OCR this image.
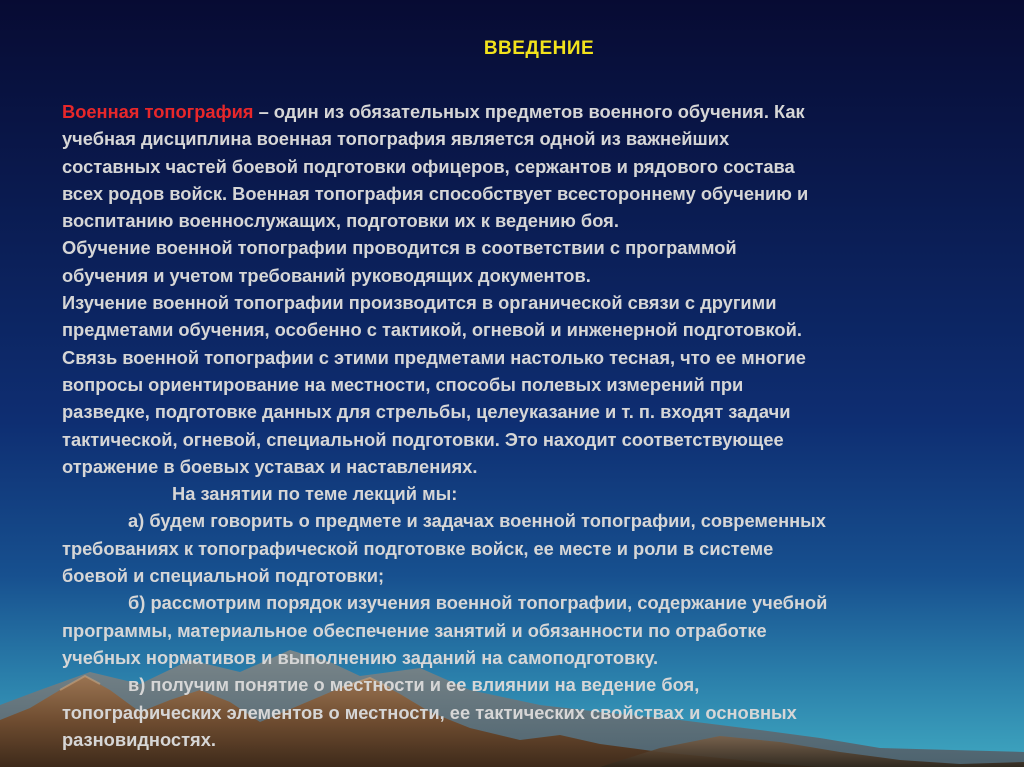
ВВЕДЕНИЕ
Военная топография – один из обязательных предметов военного обучения. Как
учебная дисциплина военная топография является одной из важнейших
составных частей боевой подготовки офицеров, сержантов и рядового состава
всех родов войск. Военная топография способствует всестороннему обучению и
воспитанию военнослужащих, подготовки их к ведению боя.
Обучение военной топографии проводится в соответствии с программой
обучения и учетом требований руководящих документов.
Изучение военной топографии производится в органической связи с другими
предметами обучения, особенно с тактикой, огневой и инженерной подготовкой.
Связь военной топографии с этими предметами настолько тесная, что ее многие
вопросы ориентирование на местности, способы полевых измерений при
разведке, подготовке данных для стрельбы, целеуказание и т. п. входят задачи
тактической, огневой, специальной подготовки. Это находит соответствующее
отражение в боевых уставах и наставлениях.
На занятии по теме лекций мы:
а) будем говорить о предмете и задачах военной топографии, современных
требованиях к топографической подготовке войск, ее месте и роли в системе
боевой и специальной подготовки;
б) рассмотрим порядок изучения военной топографии, содержание учебной
программы, материальное обеспечение занятий и обязанности по отработке
учебных нормативов и выполнению заданий на самоподготовку.
в) получим понятие о местности и ее влиянии на ведение боя,
топографических элементов о местности, ее тактических свойствах и основных
разновидностях.
